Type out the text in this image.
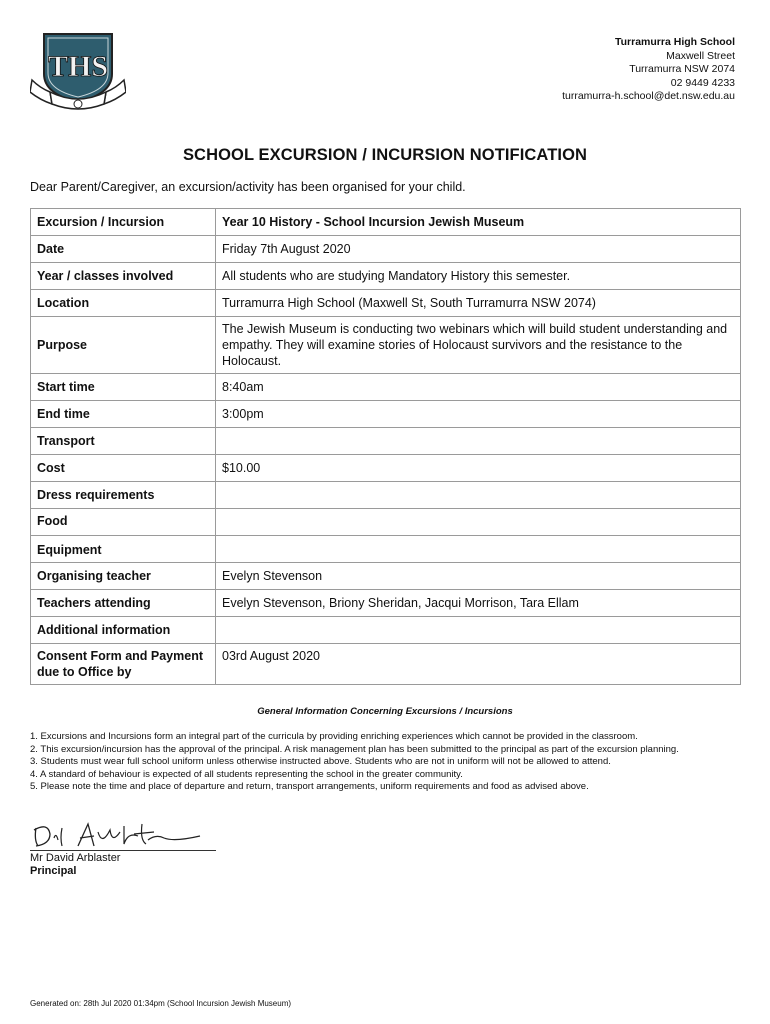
THS
Turramurra High School
Maxwell Street
Turramurra NSW 2074
02 9449 4233
turramurra-h.school@det.nsw.edu.au
SCHOOL EXCURSION / INCURSION NOTIFICATION
Dear Parent/Caregiver, an excursion/activity has been organised for your child.
Excursion / Incursion	Year 10 History - School Incursion Jewish Museum
Date	Friday 7th August 2020
Year / classes involved	All students who are studying Mandatory History this semester.
Location	Turramurra High School (Maxwell St, South Turramurra NSW 2074)
Purpose	The Jewish Museum is conducting two webinars which will build student understanding and empathy. They will examine stories of Holocaust survivors and the resistance to the Holocaust.
Start time	8:40am
End time	3:00pm
Transport	
Cost	$10.00
Dress requirements	
Food	
Equipment	
Organising teacher	Evelyn Stevenson
Teachers attending	Evelyn Stevenson, Briony Sheridan, Jacqui Morrison, Tara Ellam
Additional information	
Consent Form and Payment due to Office by	03rd August 2020
General Information Concerning Excursions / Incursions
1. Excursions and Incursions form an integral part of the curricula by providing enriching experiences which cannot be provided in the classroom.
2. This excursion/incursion has the approval of the principal. A risk management plan has been submitted to the principal as part of the excursion planning.
3. Students must wear full school uniform unless otherwise instructed above. Students who are not in uniform will not be allowed to attend.
4. A standard of behaviour is expected of all students representing the school in the greater community.
5. Please note the time and place of departure and return, transport arrangements, uniform requirements and food as advised above.
Mr David Arblaster
Principal
Generated on: 28th Jul 2020 01:34pm (School Incursion Jewish Museum)
